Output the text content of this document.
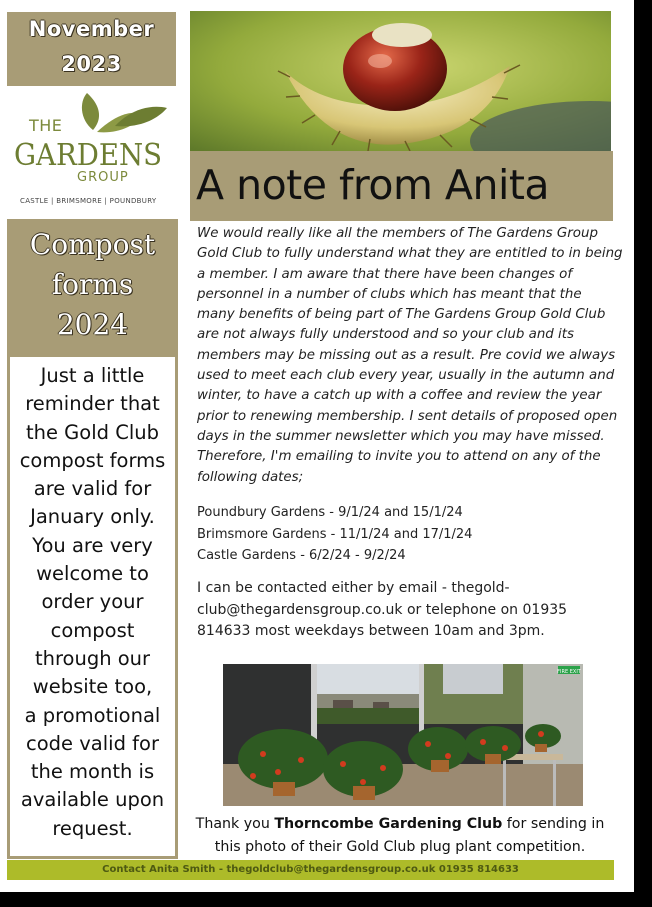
November
2023
THE
GARDENS
GROUP
CASTLE | BRIMSMORE | POUNDBURY
Compost
forms
2024
Just a little
reminder that
the Gold Club
compost forms
are valid for
January only.
You are very
welcome to
order your
compost
through our
website too,
a promotional
code valid for
the month is
available upon
request.
A note from Anita
We would really like all the members of The Gardens Group
Gold Club to fully understand what they are entitled to in being
a member. I am aware that there have been changes of
personnel in a number of clubs which has meant that the
many benefits of being part of The Gardens Group Gold Club
are not always fully understood and so your club and its
members may be missing out as a result. Pre covid we always
used to meet each club every year, usually in the autumn and
winter, to have a catch up with a coffee and review the year
prior to renewing membership. I sent details of proposed open
days in the summer newsletter which you may have missed.
Therefore, I'm emailing to invite you to attend on any of the
following dates;
Poundbury Gardens - 9/1/24 and 15/1/24
Brimsmore Gardens - 11/1/24 and 17/1/24
Castle Gardens - 6/2/24 - 9/2/24
I can be contacted either by email - thegold-
club@thegardensgroup.co.uk or telephone on 01935
814633 most weekdays between 10am and 3pm.
FIRE EXIT
Thank you Thorncombe Gardening Club for sending in
this photo of their Gold Club plug plant competition.
Contact Anita Smith - thegoldclub@thegardensgroup.co.uk 01935 814633
